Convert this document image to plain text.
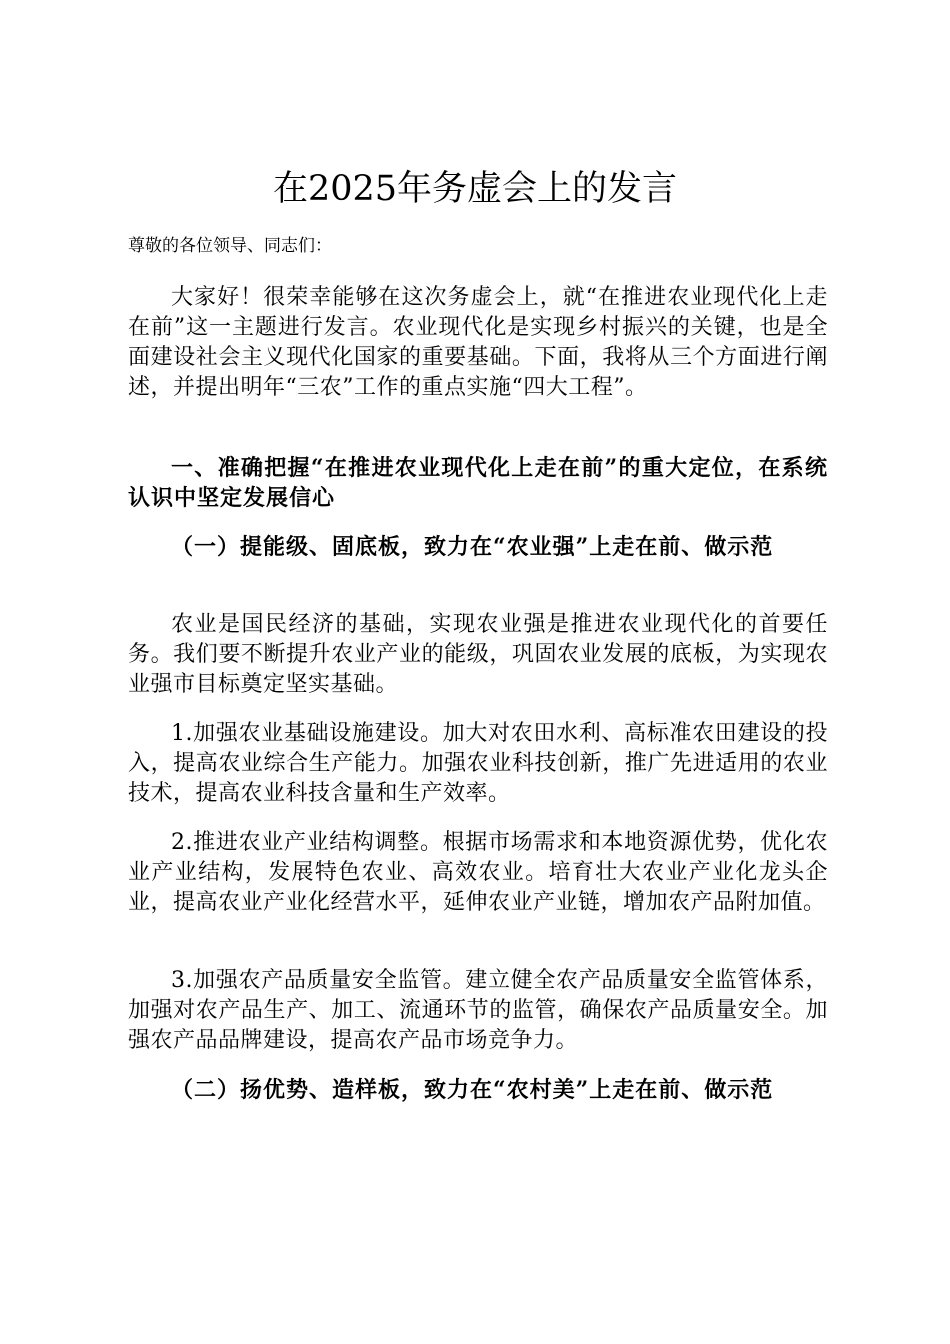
在2025年务虚会上的发言
尊敬的各位领导、同志们：

大家好！很荣幸能够在这次务虚会上，就“在推进农业现代化上走在前”这一主题进行发言。农业现代化是实现乡村振兴的关键，也是全面建设社会主义现代化国家的重要基础。下面，我将从三个方面进行阐述，并提出明年“三农”工作的重点实施“四大工程”。

一、准确把握“在推进农业现代化上走在前”的重大定位，在系统认识中坚定发展信心

（一）提能级、固底板，致力在“农业强”上走在前、做示范

农业是国民经济的基础，实现农业强是推进农业现代化的首要任务。我们要不断提升农业产业的能级，巩固农业发展的底板，为实现农业强市目标奠定坚实基础。

1.加强农业基础设施建设。加大对农田水利、高标准农田建设的投入，提高农业综合生产能力。加强农业科技创新，推广先进适用的农业技术，提高农业科技含量和生产效率。

2.推进农业产业结构调整。根据市场需求和本地资源优势，优化农业产业结构，发展特色农业、高效农业。培育壮大农业产业化龙头企业，提高农业产业化经营水平，延伸农业产业链，增加农产品附加值。

3.加强农产品质量安全监管。建立健全农产品质量安全监管体系，加强对农产品生产、加工、流通环节的监管，确保农产品质量安全。加强农产品品牌建设，提高农产品市场竞争力。

（二）扬优势、造样板，致力在“农村美”上走在前、做示范
